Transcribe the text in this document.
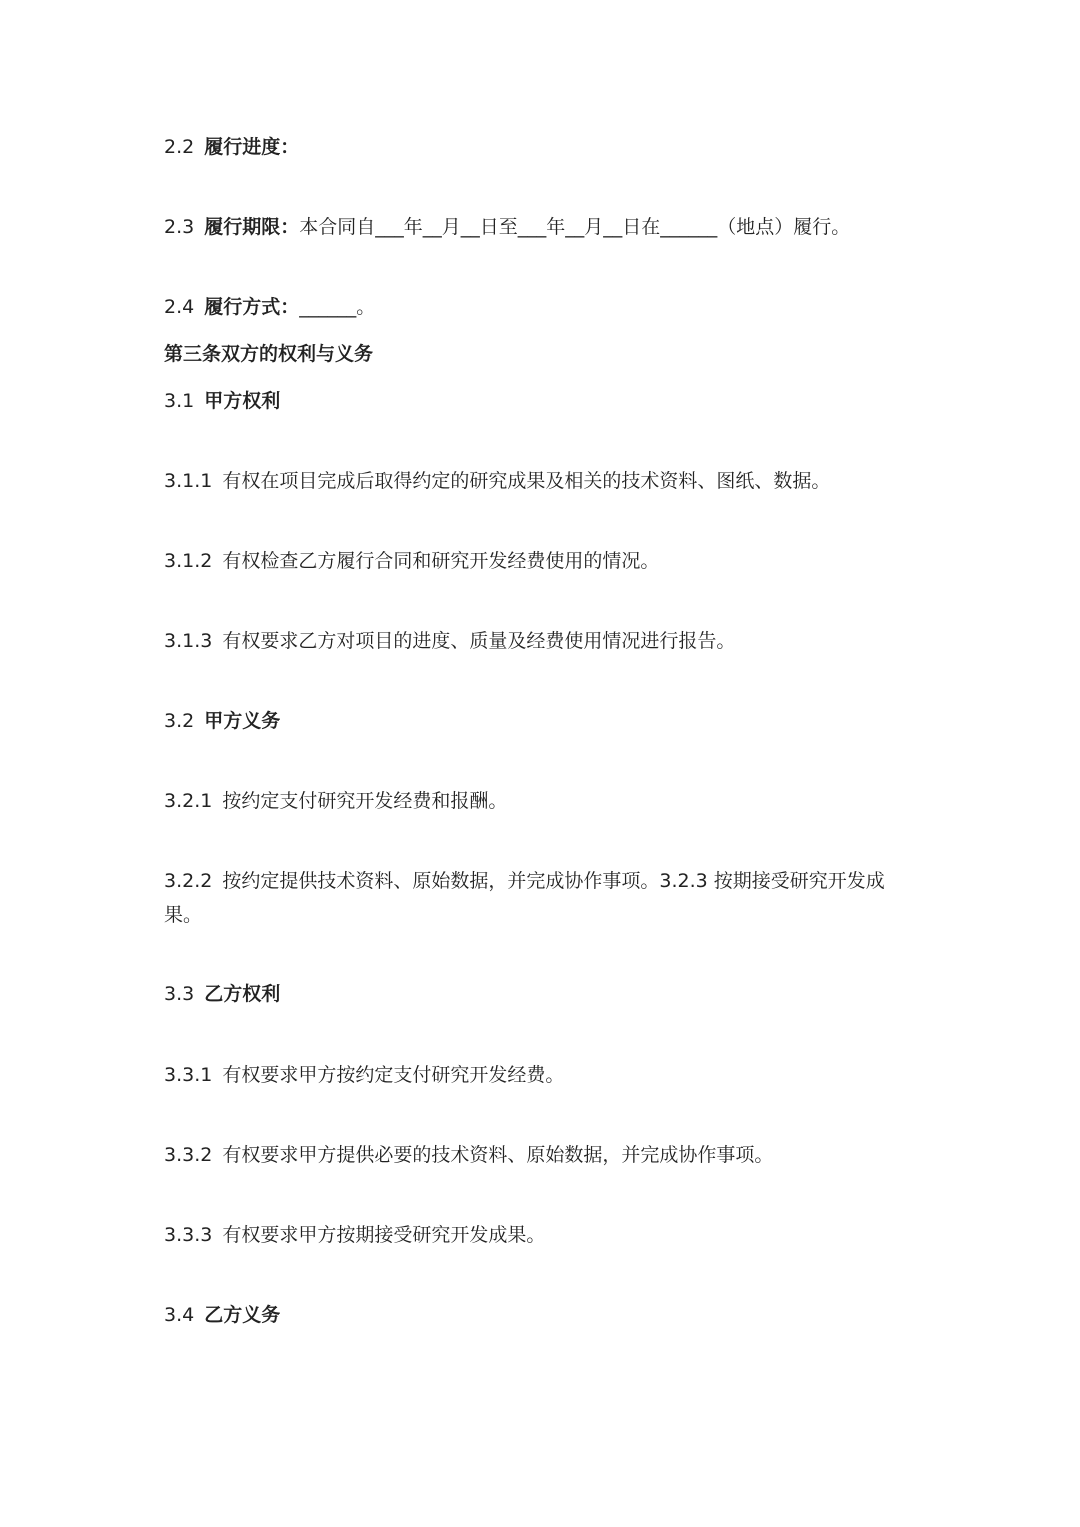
2.2 履行进度：
2.3 履行期限：本合同自___年__月__日至___年__月__日在______（地点）履行。
2.4 履行方式：______。
第三条双方的权利与义务
3.1 甲方权利
3.1.1 有权在项目完成后取得约定的研究成果及相关的技术资料、图纸、数据。
3.1.2 有权检查乙方履行合同和研究开发经费使用的情况。
3.1.3 有权要求乙方对项目的进度、质量及经费使用情况进行报告。
3.2 甲方义务
3.2.1 按约定支付研究开发经费和报酬。
3.2.2 按约定提供技术资料、原始数据，并完成协作事项。3.2.3 按期接受研究开发成果。
3.3 乙方权利
3.3.1 有权要求甲方按约定支付研究开发经费。
3.3.2 有权要求甲方提供必要的技术资料、原始数据，并完成协作事项。
3.3.3 有权要求甲方按期接受研究开发成果。
3.4 乙方义务
